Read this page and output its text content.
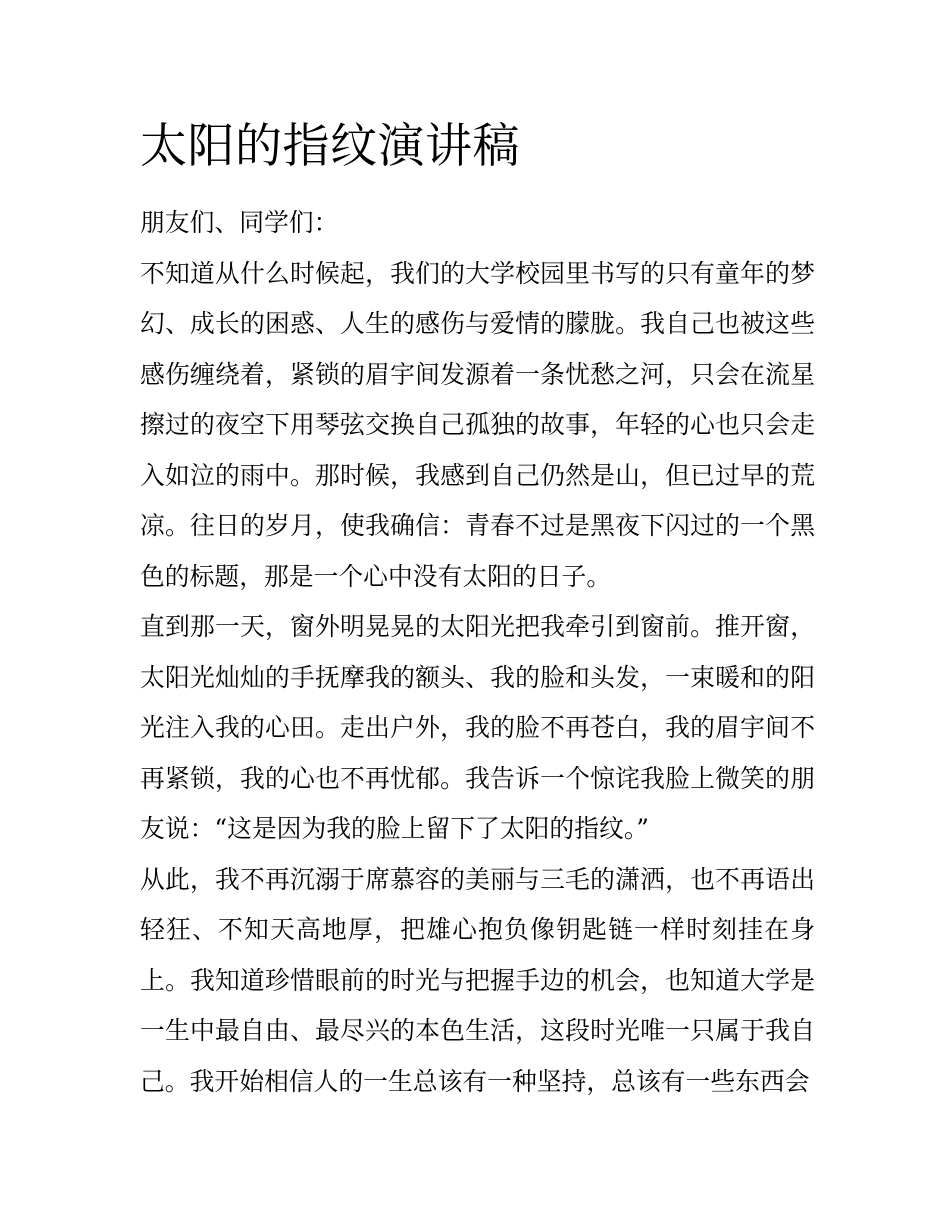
太阳的指纹演讲稿

朋友们、同学们：

不知道从什么时候起，我们的大学校园里书写的只有童年的梦幻、成长的困惑、人生的感伤与爱情的朦胧。我自己也被这些感伤缠绕着，紧锁的眉宇间发源着一条忧愁之河，只会在流星擦过的夜空下用琴弦交换自己孤独的故事，年轻的心也只会走入如泣的雨中。那时候，我感到自己仍然是山，但已过早的荒凉。往日的岁月，使我确信：青春不过是黑夜下闪过的一个黑色的标题，那是一个心中没有太阳的日子。

直到那一天，窗外明晃晃的太阳光把我牵引到窗前。推开窗，太阳光灿灿的手抚摩我的额头、我的脸和头发，一束暖和的阳光注入我的心田。走出户外，我的脸不再苍白，我的眉宇间不再紧锁，我的心也不再忧郁。我告诉一个惊诧我脸上微笑的朋友说：“这是因为我的脸上留下了太阳的指纹。”

从此，我不再沉溺于席慕容的美丽与三毛的潇洒，也不再语出轻狂、不知天高地厚，把雄心抱负像钥匙链一样时刻挂在身上。我知道珍惜眼前的时光与把握手边的机会，也知道大学是一生中最自由、最尽兴的本色生活，这段时光唯一只属于我自己。我开始相信人的一生总该有一种坚持，总该有一些东西会
